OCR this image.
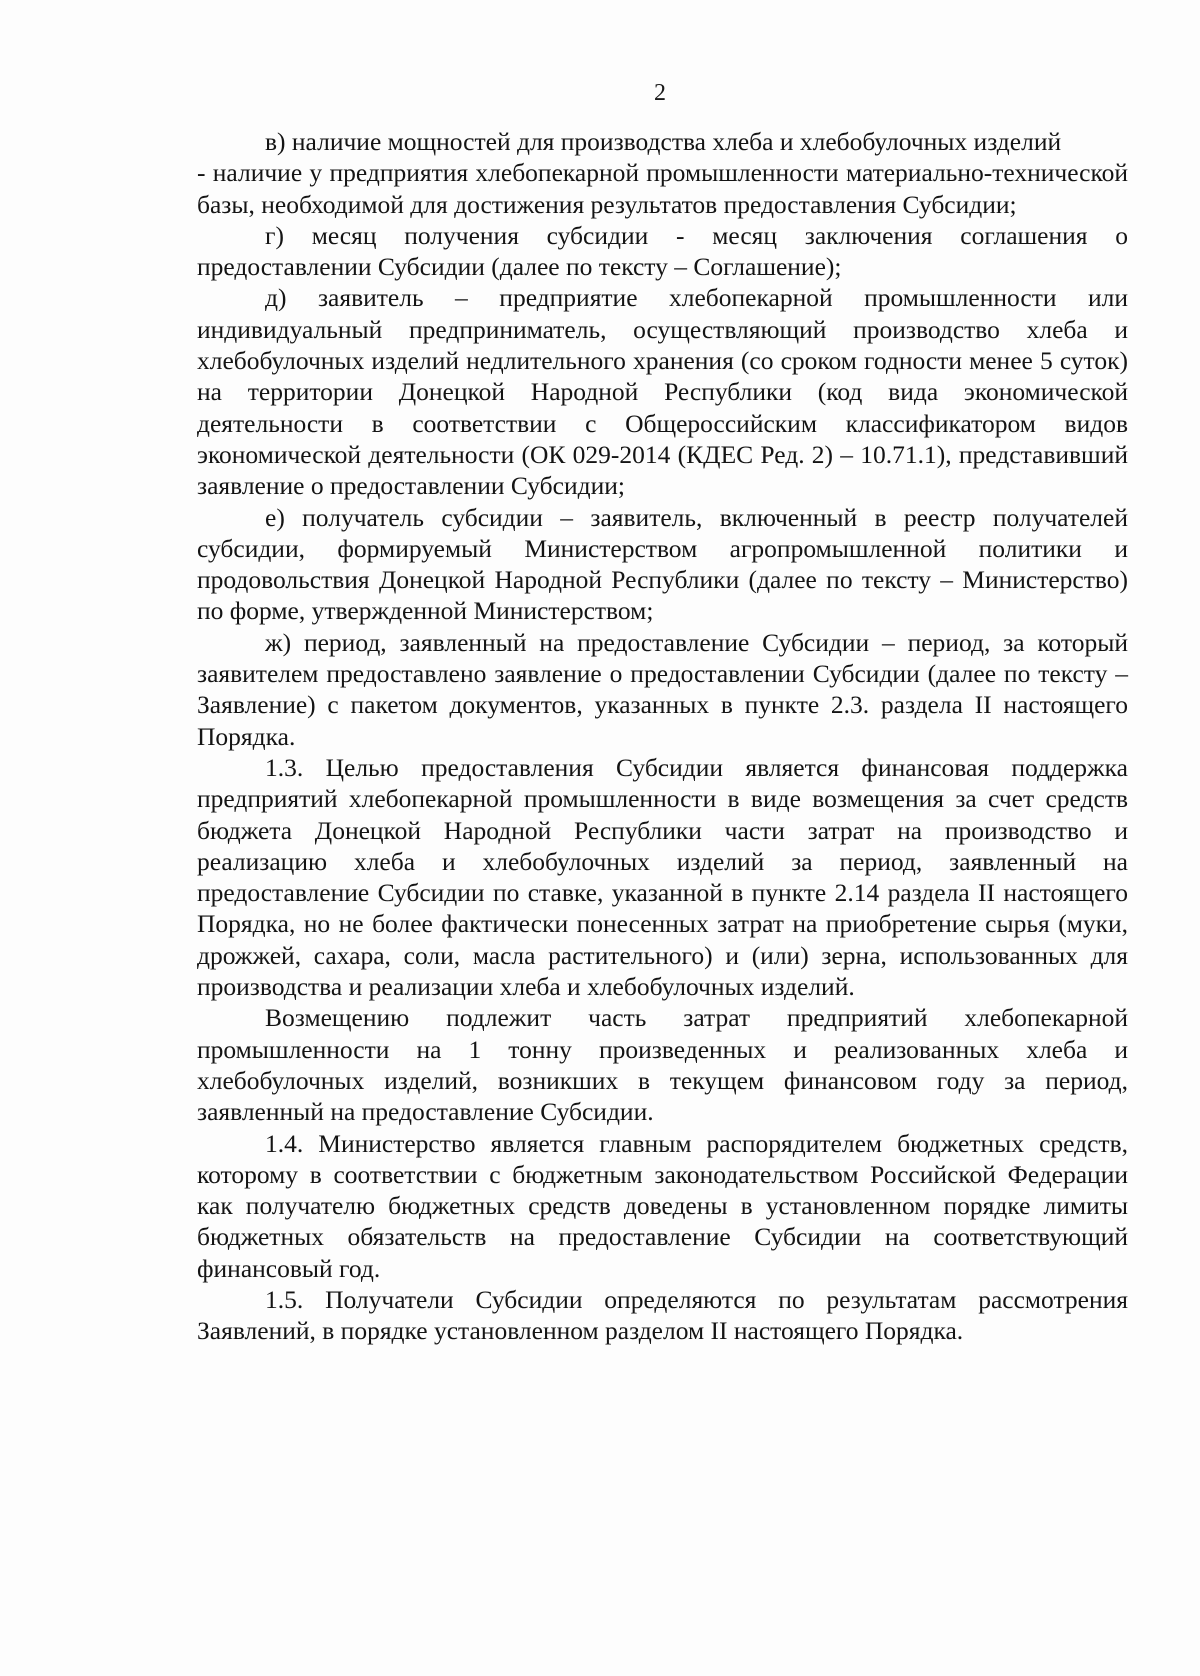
2

в) наличие мощностей для производства хлеба и хлебобулочных изделий

- наличие у предприятия хлебопекарной промышленности материально-технической базы, необходимой для достижения результатов предоставления Субсидии;

г) месяц получения субсидии - месяц заключения соглашения о предоставлении Субсидии (далее по тексту – Соглашение);

д) заявитель – предприятие хлебопекарной промышленности или индивидуальный предприниматель, осуществляющий производство хлеба и хлебобулочных изделий недлительного хранения (со сроком годности менее 5 суток) на территории Донецкой Народной Республики (код вида экономической деятельности в соответствии с Общероссийским классификатором видов экономической деятельности (ОК 029-2014 (КДЕС Ред. 2) – 10.71.1), представивший заявление о предоставлении Субсидии;

е) получатель субсидии – заявитель, включенный в реестр получателей субсидии, формируемый Министерством агропромышленной политики и продовольствия Донецкой Народной Республики (далее по тексту – Министерство) по форме, утвержденной Министерством;

ж) период, заявленный на предоставление Субсидии – период, за который заявителем предоставлено заявление о предоставлении Субсидии (далее по тексту – Заявление) с пакетом документов, указанных в пункте 2.3. раздела II настоящего Порядка.

1.3. Целью предоставления Субсидии является финансовая поддержка предприятий хлебопекарной промышленности в виде возмещения за счет средств бюджета Донецкой Народной Республики части затрат на производство и реализацию хлеба и хлебобулочных изделий за период, заявленный на предоставление Субсидии по ставке, указанной в пункте 2.14 раздела II настоящего Порядка, но не более фактически понесенных затрат на приобретение сырья (муки, дрожжей, сахара, соли, масла растительного) и (или) зерна, использованных для производства и реализации хлеба и хлебобулочных изделий.

Возмещению подлежит часть затрат предприятий хлебопекарной промышленности на 1 тонну произведенных и реализованных хлеба и хлебобулочных изделий, возникших в текущем финансовом году за период, заявленный на предоставление Субсидии.

1.4. Министерство является главным распорядителем бюджетных средств, которому в соответствии с бюджетным законодательством Российской Федерации как получателю бюджетных средств доведены в установленном порядке лимиты бюджетных обязательств на предоставление Субсидии на соответствующий финансовый год.

1.5. Получатели Субсидии определяются по результатам рассмотрения Заявлений, в порядке установленном разделом II настоящего Порядка.
